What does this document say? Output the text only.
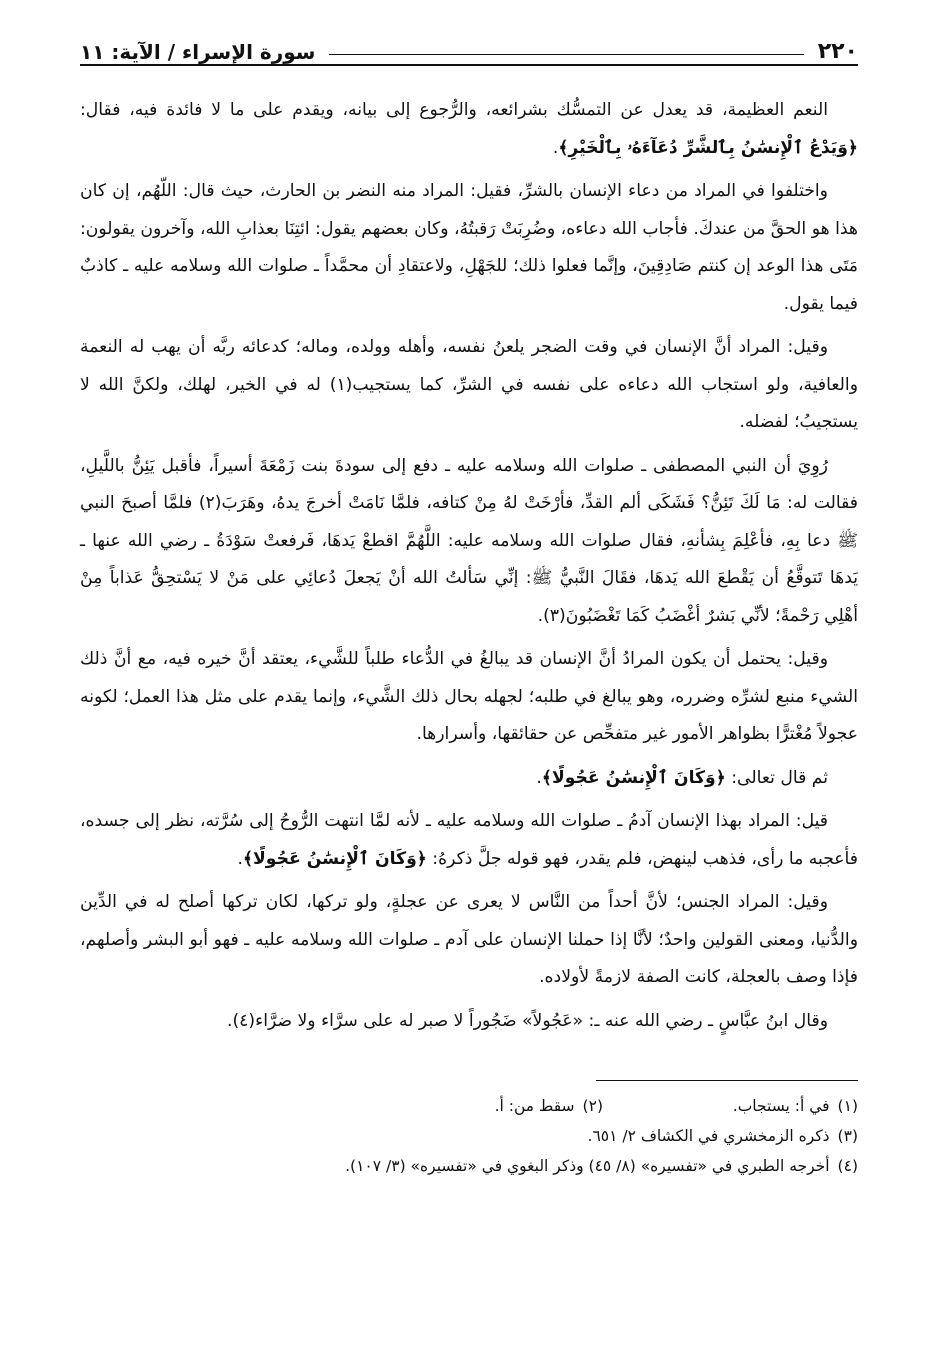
٢٢٠
سورة الإسراء / الآية: ١١

النعم العظيمة، قد يعدل عن التمسُّك بشرائعه، والرُّجوع إلى بيانه، ويقدم على ما لا فائدة فيه، فقال: ﴿وَيَدْعُ ٱلْإِنسَٰنُ بِٱلشَّرِّ دُعَآءَهُۥ بِٱلْخَيْرِ﴾.

واختلفوا في المراد من دعاء الإنسان بالشرِّ، فقيل: المراد منه النضر بن الحارث، حيث قال: اللّهُم، إن كان هذا هو الحقَّ من عندكَ. فأجاب الله دعاءه، وضُرِبَتْ رَقبتُهُ، وكان بعضهم يقول: ائتِنَا بعذابِ الله، وآخرون يقولون: مَتَى هذا الوعد إن كنتم صَادِقِينَ، وإنَّما فعلوا ذلك؛ للجَهْلِ، ولاعتقادِ أن محمَّداً ـ صلوات الله وسلامه عليه ـ كاذبٌ فيما يقول.

وقيل: المراد أنَّ الإنسان في وقت الضجر يلعنُ نفسه، وأهله وولده، وماله؛ كدعائه ربَّه أن يهب له النعمة والعافية، ولو استجاب الله دعاءه على نفسه في الشرِّ، كما يستجيب(١) له في الخير، لهلك، ولكنَّ الله لا يستجيبُ؛ لفضله.

رُوِيَ أن النبي المصطفى ـ صلوات الله وسلامه عليه ـ دفع إلى سودةَ بنت زَمْعَةَ أسيراً، فأقبل يَئِنُّ باللَّيلِ، فقالت له: مَا لَكَ تَئِنُّ؟ فَشَكَى ألم القدِّ، فأرْخَتْ لهُ مِنْ كتافه، فلمَّا نَامَتْ أخرجَ يدهُ، وهَرَبَ(٢) فلمَّا أصبحَ النبي ﷺ دعا بِهِ، فأعْلِمَ بِشأنهِ، فقال صلوات الله وسلامه عليه: اللَّهُمَّ اقطعْ يَدهَا، فَرفعتْ سَوْدَةُ ـ رضي الله عنها ـ يَدهَا تَتوقَّعُ أن يَقْطعَ الله يَدهَا، فقَالَ النَّبيُّ ﷺ: إنِّي سَألتُ الله أنْ يَجعلَ دُعائِي على مَنْ لا يَسْتحِقُّ عَذاباً مِنْ أهْلِي رَحْمةً؛ لأنِّي بَشرٌ أغْضَبُ كَمَا تَغْضَبُونَ(٣).

وقيل: يحتمل أن يكون المرادُ أنَّ الإنسان قد يبالغُ في الدُّعاء طلباً للشَّيء، يعتقد أنَّ خيره فيه، مع أنَّ ذلك الشيء منبع لشرِّه وضرره، وهو يبالغ في طلبه؛ لجهله بحال ذلك الشَّيء، وإنما يقدم على مثل هذا العمل؛ لكونه عجولاً مُغْترًّا بظواهر الأمور غير متفحِّص عن حقائقها، وأسرارها.

ثم قال تعالى: ﴿وَكَانَ ٱلْإِنسَٰنُ عَجُولًا﴾.

قيل: المراد بهذا الإنسان آدمُ ـ صلوات الله وسلامه عليه ـ لأنه لمَّا انتهت الرُّوحُ إلى سُرَّته، نظر إلى جسده، فأعجبه ما رأى، فذهب لينهض، فلم يقدر، فهو قوله جلَّ ذكرهُ: ﴿وَكَانَ ٱلْإِنسَٰنُ عَجُولًا﴾.

وقيل: المراد الجنس؛ لأنَّ أحداً من النَّاس لا يعرى عن عجلةٍ، ولو تركها، لكان تركها أصلح له في الدِّين والدُّنيا، ومعنى القولين واحدٌ؛ لأنَّا إذا حملنا الإنسان على آدم ـ صلوات الله وسلامه عليه ـ فهو أبو البشر وأصلهم، فإذا وصف بالعجلة، كانت الصفة لازمةً لأولاده.

وقال ابنُ عبَّاسٍ ـ رضي الله عنه ـ: «عَجُولاً» ضَجُوراً لا صبر له على سرَّاء ولا ضرَّاء(٤).

(١)في أ: يستجاب.
(٢)سقط من: أ.
(٣)ذكره الزمخشري في الكشاف ٢/ ٦٥١.
(٤)أخرجه الطبري في «تفسيره» (٨/ ٤٥) وذكر البغوي في «تفسيره» (٣/ ١٠٧).
